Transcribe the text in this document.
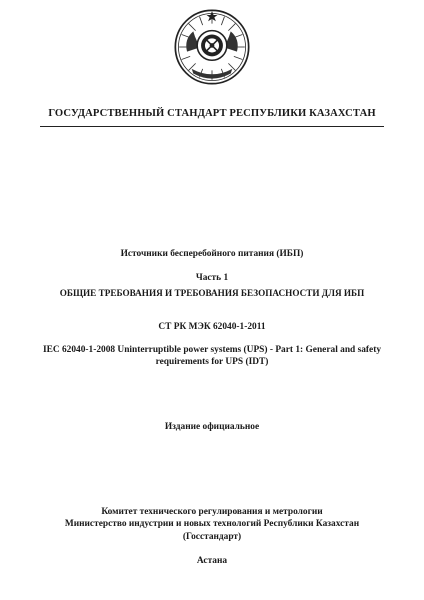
ГОСУДАРСТВЕННЫЙ СТАНДАРТ РЕСПУБЛИКИ КАЗАХСТАН
Источники бесперебойного питания (ИБП)
Часть 1
ОБЩИЕ ТРЕБОВАНИЯ И ТРЕБОВАНИЯ БЕЗОПАСНОСТИ ДЛЯ ИБП
СТ РК МЭК 62040-1-2011
IEC 62040-1-2008 Uninterruptible power systems (UPS) - Part 1: General and safety
requirements for UPS (IDT)
Издание официальное
Комитет технического регулирования и метрологии
Министерство индустрии и новых технологий Республики Казахстан
(Госстандарт)
Астана
